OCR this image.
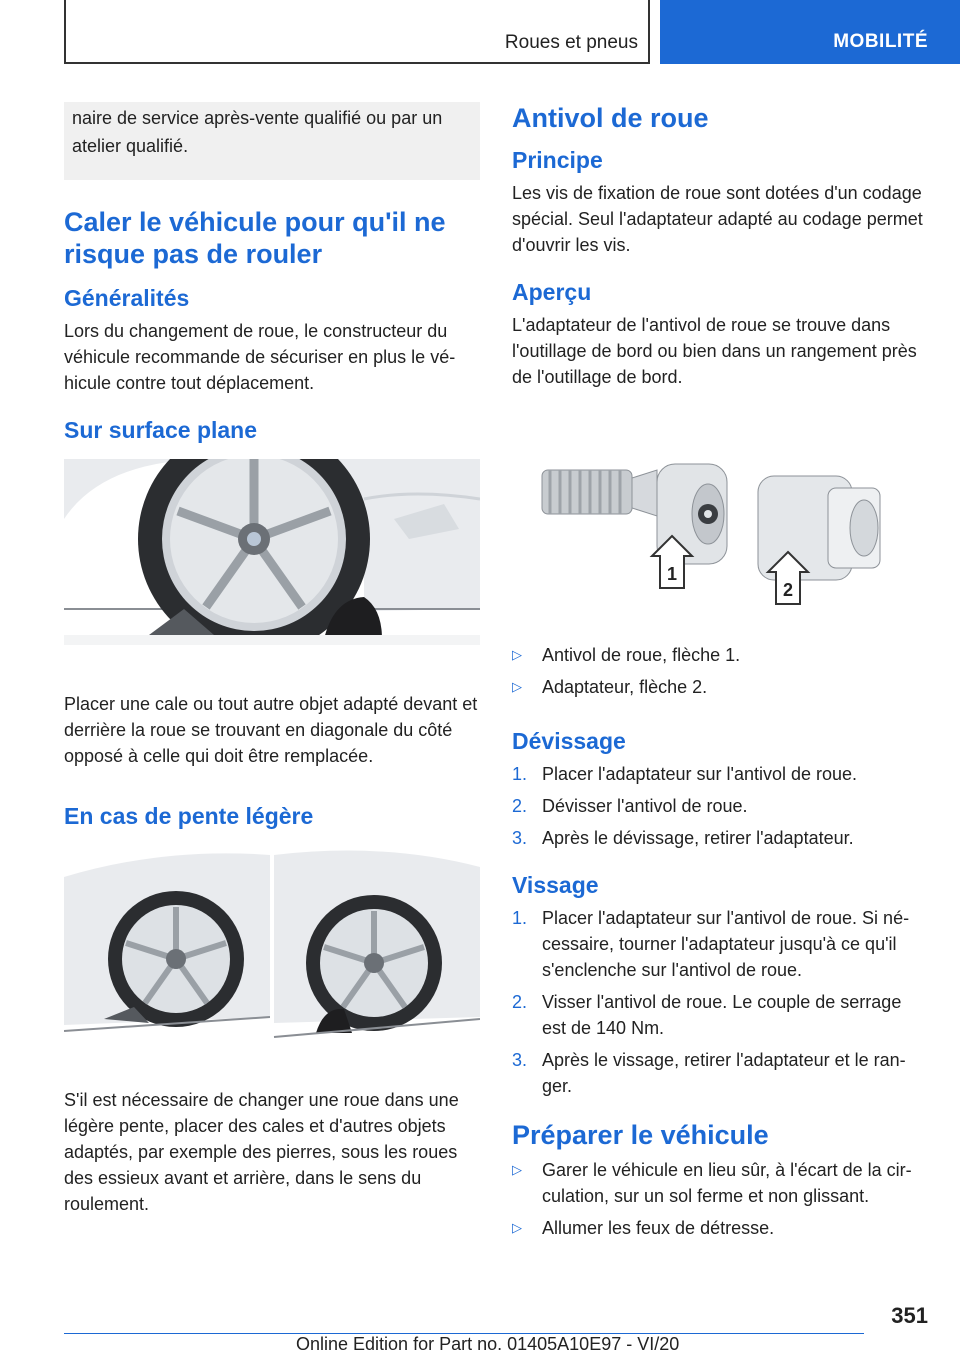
Roues et pneus	MOBILITÉ
naire de service après-vente qualifié ou par un atelier qualifié.
Caler le véhicule pour qu'il ne risque pas de rouler
Généralités

Lors du changement de roue, le constructeur du véhicule recommande de sécuriser en plus le véhicule contre tout déplacement.

Sur surface plane

Placer une cale ou tout autre objet adapté devant et derrière la roue se trouvant en diagonale du côté opposé à celle qui doit être remplacée.

En cas de pente légère

S'il est nécessaire de changer une roue dans une légère pente, placer des cales et d'autres objets adaptés, par exemple des pierres, sous les roues des essieux avant et arrière, dans le sens du roulement.

Antivol de roue
Principe

Les vis de fixation de roue sont dotées d'un codage spécial. Seul l'adaptateur adapté au codage permet d'ouvrir les vis.

Aperçu

L'adaptateur de l'antivol de roue se trouve dans l'outillage de bord ou bien dans un rangement près de l'outillage de bord.

1
2
▷	Antivol de roue, flèche 1.
▷	Adaptateur, flèche 2.
Dévissage
1. Placer l'adaptateur sur l'antivol de roue.
2. Dévisser l'antivol de roue.
3. Après le dévissage, retirer l'adaptateur.
Vissage
1. Placer l'adaptateur sur l'antivol de roue. Si nécessaire, tourner l'adaptateur jusqu'à ce qu'il s'enclenche sur l'antivol de roue.
2. Visser l'antivol de roue. Le couple de serrage est de 140 Nm.
3. Après le vissage, retirer l'adaptateur et le ranger.
Préparer le véhicule
▷	Garer le véhicule en lieu sûr, à l'écart de la circulation, sur un sol ferme et non glissant.
▷	Allumer les feux de détresse.
351
Online Edition for Part no. 01405A10E97 - VI/20
